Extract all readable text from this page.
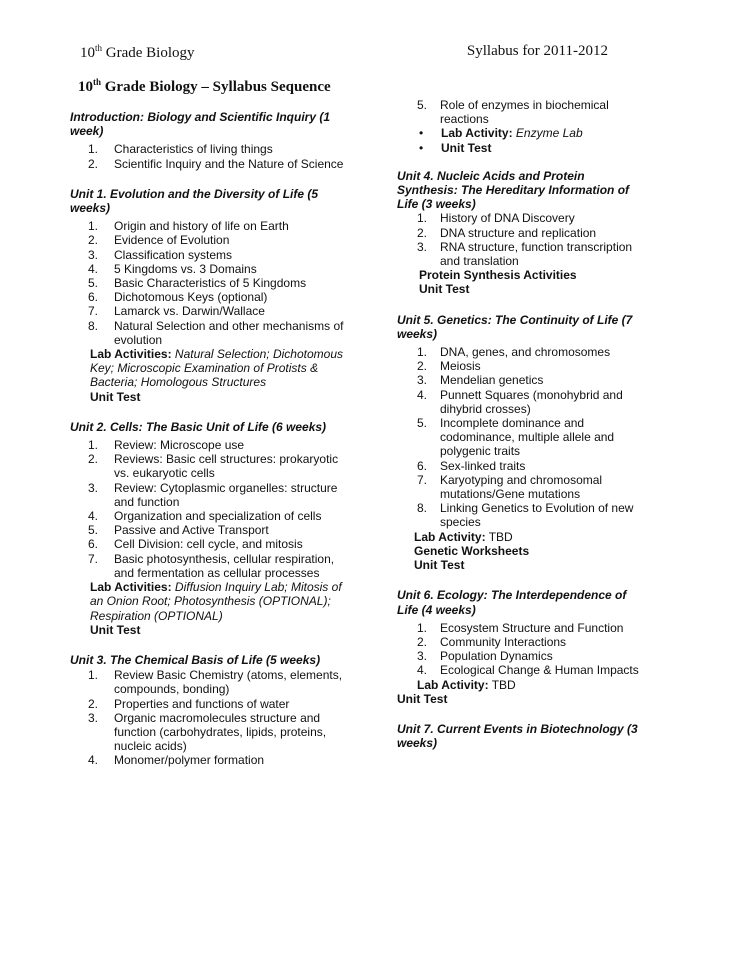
10th Grade Biology	Syllabus for 2011-2012
10th Grade Biology – Syllabus Sequence

Introduction: Biology and Scientific Inquiry (1 week)

1. Characteristics of living things
2. Scientific Inquiry and the Nature of Science

Unit 1. Evolution and the Diversity of Life (5 weeks)

1. Origin and history of life on Earth
2. Evidence of Evolution
3. Classification systems
4. 5 Kingdoms vs. 3 Domains
5. Basic Characteristics of 5 Kingdoms
6. Dichotomous Keys (optional)
7. Lamarck vs. Darwin/Wallace
8. Natural Selection and other mechanisms of evolution
Lab Activities: Natural Selection; Dichotomous Key; Microscopic Examination of Protists & Bacteria; Homologous Structures
Unit Test

Unit 2. Cells: The Basic Unit of Life (6 weeks)

1. Review: Microscope use
2. Reviews: Basic cell structures: prokaryotic vs. eukaryotic cells
3. Review: Cytoplasmic organelles: structure and function
4. Organization and specialization of cells
5. Passive and Active Transport
6. Cell Division: cell cycle, and mitosis
7. Basic photosynthesis, cellular respiration, and fermentation as cellular processes
Lab Activities: Diffusion Inquiry Lab; Mitosis of an Onion Root; Photosynthesis (OPTIONAL); Respiration (OPTIONAL)
Unit Test

Unit 3. The Chemical Basis of Life (5 weeks)

1. Review Basic Chemistry (atoms, elements, compounds, bonding)
2. Properties and functions of water
3. Organic macromolecules structure and function (carbohydrates, lipids, proteins, nucleic acids)
4. Monomer/polymer formation
5. Role of enzymes in biochemical reactions
• Lab Activity: Enzyme Lab
• Unit Test

Unit 4. Nucleic Acids and Protein Synthesis: The Hereditary Information of Life (3 weeks)

1. History of DNA Discovery
2. DNA structure and replication
3. RNA structure, function transcription and translation
Protein Synthesis Activities
Unit Test

Unit 5. Genetics: The Continuity of Life (7 weeks)

1. DNA, genes, and chromosomes
2. Meiosis
3. Mendelian genetics
4. Punnett Squares (monohybrid and dihybrid crosses)
5. Incomplete dominance and codominance, multiple allele and polygenic traits
6. Sex-linked traits
7. Karyotyping and chromosomal mutations/Gene mutations
8. Linking Genetics to Evolution of new species
Lab Activity: TBD
Genetic Worksheets
Unit Test

Unit 6. Ecology: The Interdependence of Life (4 weeks)

1. Ecosystem Structure and Function
2. Community Interactions
3. Population Dynamics
4. Ecological Change & Human Impacts
Lab Activity: TBD
Unit Test

Unit 7. Current Events in Biotechnology (3 weeks)
